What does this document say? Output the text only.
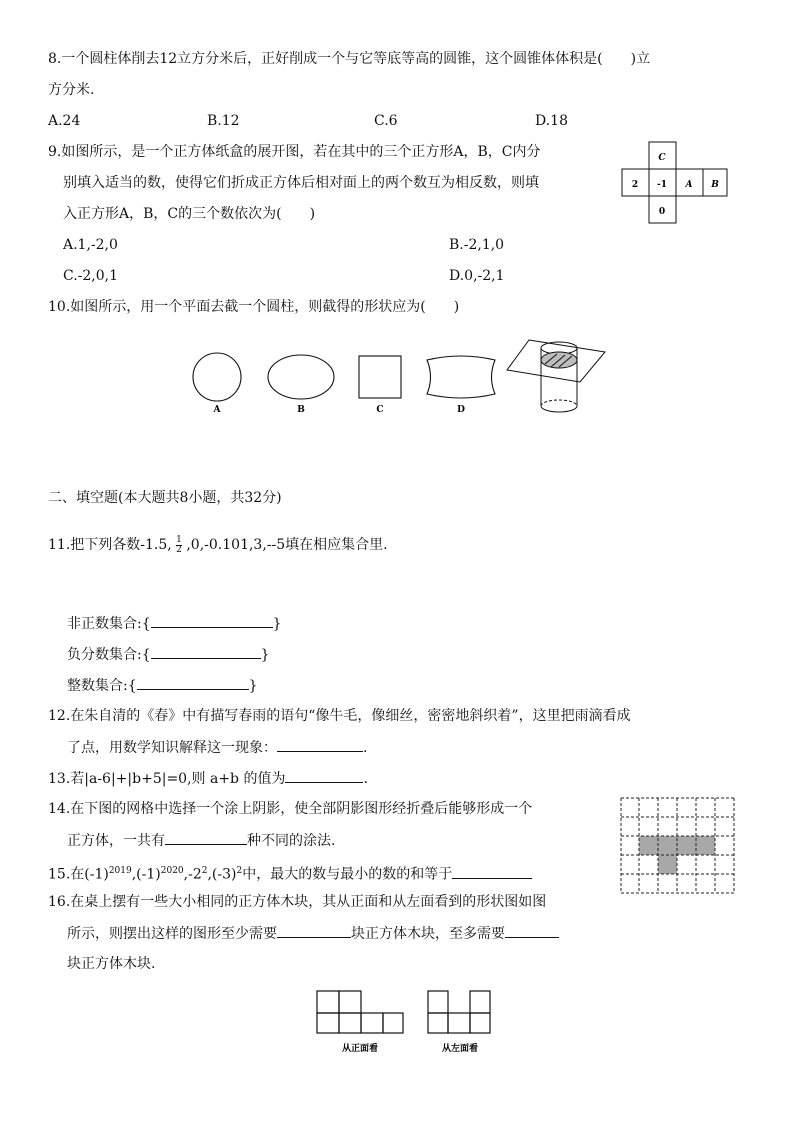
8.一个圆柱体削去12立方分米后，正好削成一个与它等底等高的圆锥，这个圆锥体体积是(　　)立
方分米.
A.24	B.12	C.6	D.18
9.如图所示，是一个正方体纸盒的展开图，若在其中的三个正方形A，B，C内分
别填入适当的数，使得它们折成正方体后相对面上的两个数互为相反数，则填
入正方形A，B，C的三个数依次为(　　)
A.1,-2,0	B.-2,1,0
C.-2,0,1	D.0,-2,1
C
2 -1 A B
0
10.如图所示，用一个平面去截一个圆柱，则截得的形状应为(　　)
A	B	C	D
二、填空题(本大题共8小题，共32分)
11.把下列各数-1.5, $\frac{1}{2} ,0,-0.101,3,--5$填在相应集合里.
非正数集合:{	}
负分数集合:{	}
整数集合:{	}
12.在朱自清的《春》中有描写春雨的语句“像牛毛，像细丝，密密地斜织着”，这里把雨滴看成
了点，用数学知识解释这一现象：	.
13.若|a-6|+|b+5|=0,则 a+b 的值为	.
14.在下图的网格中选择一个涂上阴影，使全部阴影图形经折叠后能够形成一个
正方体，一共有	种不同的涂法.
15.在$(-1)^{2019},(-1)^{2020},-2^2,(-3)^2$中，最大的数与最小的数的和等于
16.在桌上摆有一些大小相同的正方体木块，其从正面和从左面看到的形状图如图
所示，则摆出这样的图形至少需要	块正方体木块，至多需要
块正方体木块.
从正面看	从左面看
